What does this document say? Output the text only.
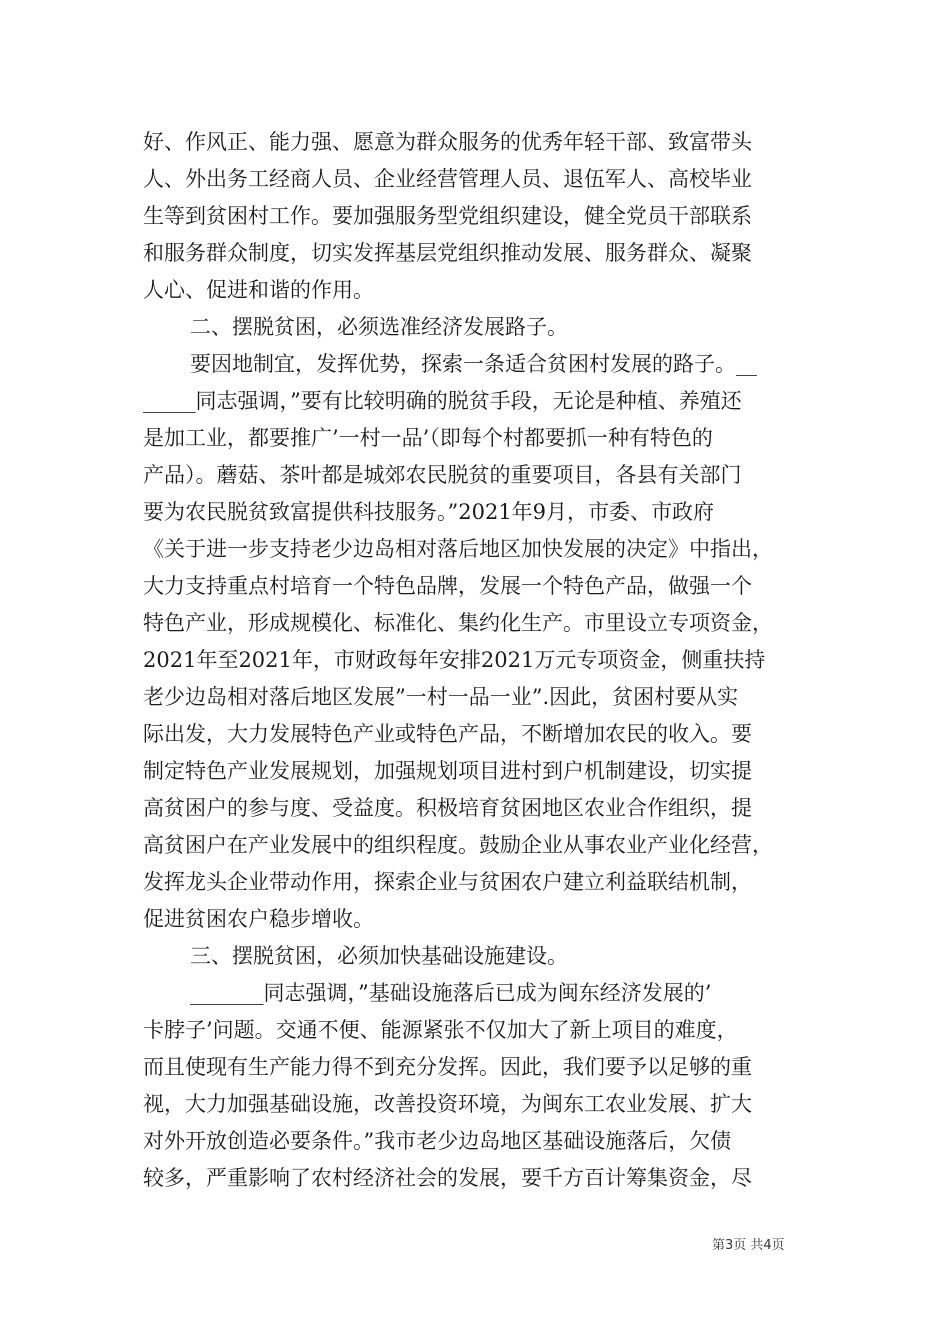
好、作风正、能力强、愿意为群众服务的优秀年轻干部、致富带头
人、外出务工经商人员、企业经营管理人员、退伍军人、高校毕业
生等到贫困村工作。要加强服务型党组织建设，健全党员干部联系
和服务群众制度，切实发挥基层党组织推动发展、服务群众、凝聚
人心、促进和谐的作用。
二、摆脱贫困，必须选准经济发展路子。
要因地制宜，发挥优势，探索一条适合贫困村发展的路子。__
_____同志强调，”要有比较明确的脱贫手段，无论是种植、养殖还
是加工业，都要推广’一村一品’（即每个村都要抓一种有特色的
产品）。蘑菇、茶叶都是城郊农民脱贫的重要项目，各县有关部门
要为农民脱贫致富提供科技服务。”2021年9月，市委、市政府
《关于进一步支持老少边岛相对落后地区加快发展的决定》中指出，
大力支持重点村培育一个特色品牌，发展一个特色产品，做强一个
特色产业，形成规模化、标准化、集约化生产。市里设立专项资金，
2021年至2021年，市财政每年安排2021万元专项资金，侧重扶持
老少边岛相对落后地区发展”一村一品一业”.因此，贫困村要从实
际出发，大力发展特色产业或特色产品，不断增加农民的收入。要
制定特色产业发展规划，加强规划项目进村到户机制建设，切实提
高贫困户的参与度、受益度。积极培育贫困地区农业合作组织，提
高贫困户在产业发展中的组织程度。鼓励企业从事农业产业化经营，
发挥龙头企业带动作用，探索企业与贫困农户建立利益联结机制，
促进贫困农户稳步增收。
三、摆脱贫困，必须加快基础设施建设。
_______同志强调，”基础设施落后已成为闽东经济发展的’
卡脖子’问题。交通不便、能源紧张不仅加大了新上项目的难度，
而且使现有生产能力得不到充分发挥。因此，我们要予以足够的重
视，大力加强基础设施，改善投资环境，为闽东工农业发展、扩大
对外开放创造必要条件。”我市老少边岛地区基础设施落后，欠债
较多，严重影响了农村经济社会的发展，要千方百计筹集资金，尽
第3页 共4页
